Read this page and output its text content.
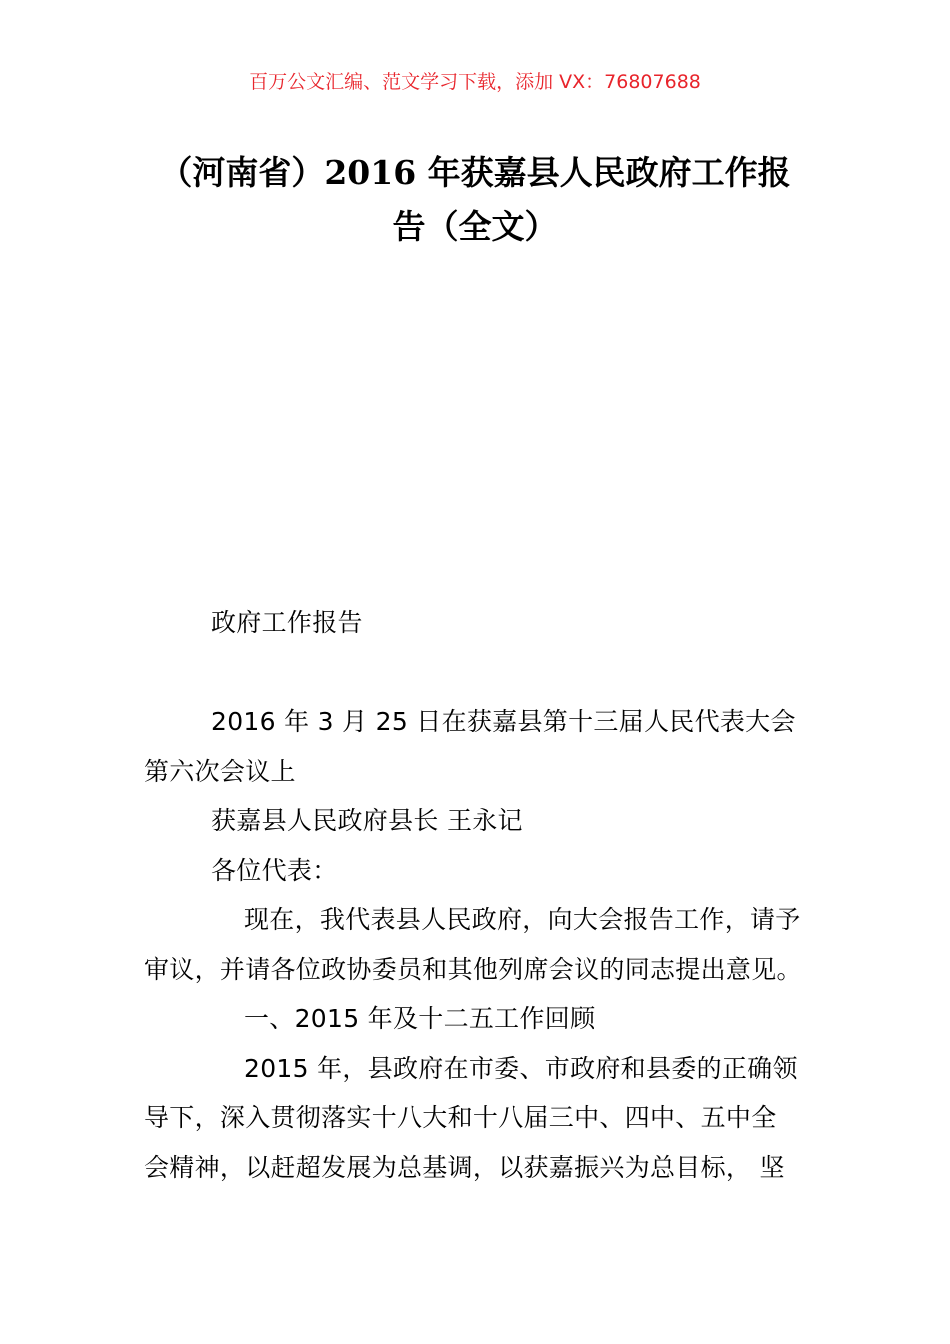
百万公文汇编、范文学习下载，添加 VX：76807688
（河南省）2016 年获嘉县人民政府工作报
告（全文）
政府工作报告
2016 年 3 月 25 日在获嘉县第十三届人民代表大会
第六次会议上
获嘉县人民政府县长 王永记
各位代表：
现在，我代表县人民政府，向大会报告工作，请予
审议，并请各位政协委员和其他列席会议的同志提出意见。
一、2015 年及十二五工作回顾
2015 年，县政府在市委、市政府和县委的正确领
导下，深入贯彻落实十八大和十八届三中、四中、五中全
会精神，以赶超发展为总基调，以获嘉振兴为总目标， 坚
